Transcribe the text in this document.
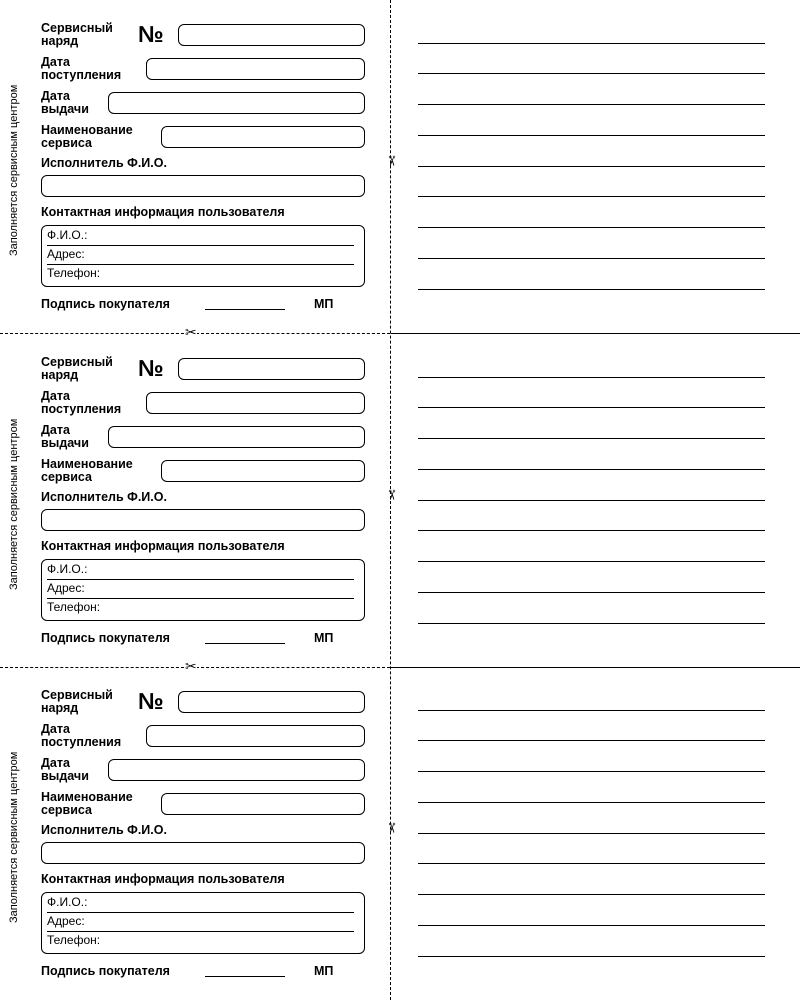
Заполняется сервисным центром
Сервисный
наряд	№
Дата
поступления
Дата
выдачи
Наименование
сервиса
Исполнитель Ф.И.О.
Контактная информация пользователя
Ф.И.О.:
Адрес:
Телефон:
Подпись покупателя	МП
✂
Заполняется сервисным центром
Сервисный
наряд	№
Дата
поступления
Дата
выдачи
Наименование
сервиса
Исполнитель Ф.И.О.
Контактная информация пользователя
Ф.И.О.:
Адрес:
Телефон:
Подпись покупателя	МП
✂
Заполняется сервисным центром
Сервисный
наряд	№
Дата
поступления
Дата
выдачи
Наименование
сервиса
Исполнитель Ф.И.О.
Контактная информация пользователя
Ф.И.О.:
Адрес:
Телефон:
Подпись покупателя	МП
✂
✂
✂
